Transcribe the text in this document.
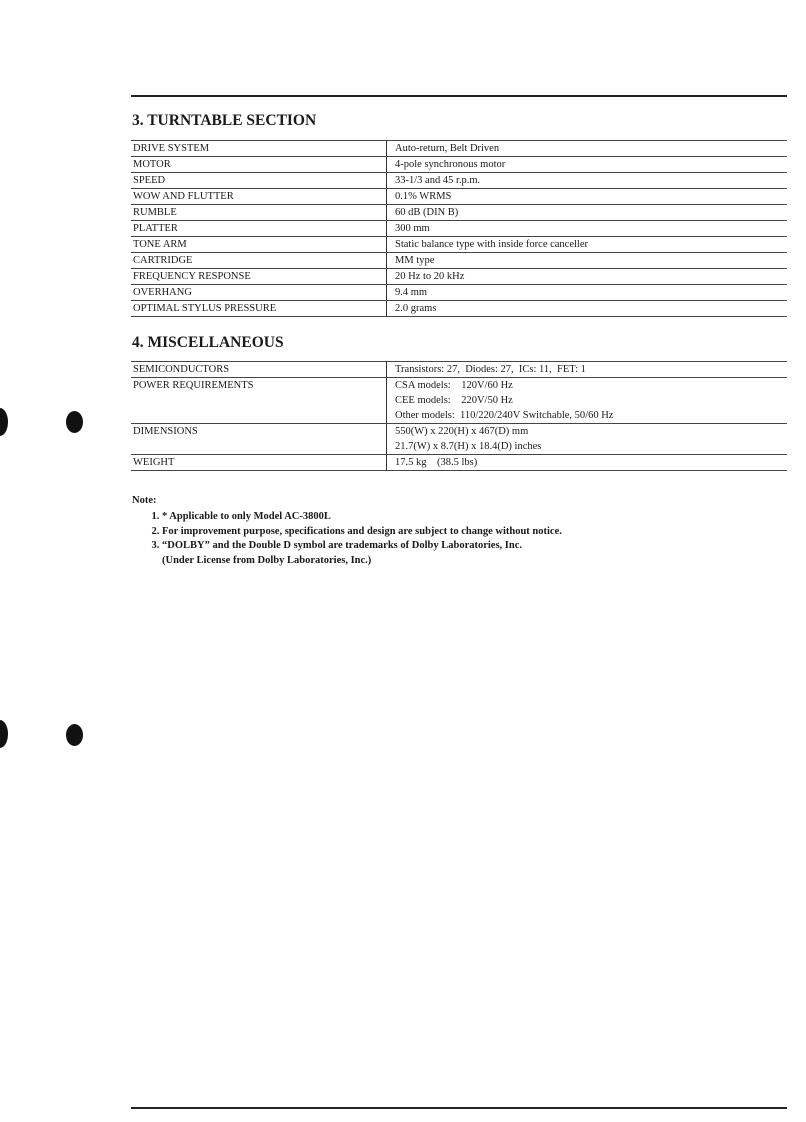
3. TURNTABLE SECTION
DRIVE SYSTEM	Auto-return, Belt Driven

MOTOR	4-pole synchronous motor

SPEED	33-1/3 and 45 r.p.m.

WOW AND FLUTTER	0.1% WRMS

RUMBLE	60 dB (DIN B)

PLATTER	300 mm

TONE ARM	Static balance type with inside force canceller

CARTRIDGE	MM type

FREQUENCY RESPONSE	20 Hz to 20 kHz

OVERHANG	9.4 mm

OPTIMAL STYLUS PRESSURE	2.0 grams
4. MISCELLANEOUS
SEMICONDUCTORS	Transistors: 27,  Diodes: 27,  ICs: 11,  FET: 1

POWER REQUIREMENTS	CSA models:    120V/60 Hz
CEE models:    220V/50 Hz
Other models:  110/220/240V Switchable, 50/60 Hz

DIMENSIONS	550(W) x 220(H) x 467(D) mm
21.7(W) x 8.7(H) x 18.4(D) inches

WEIGHT	17.5 kg    (38.5 lbs)
Note:
1. * Applicable to only Model AC-3800L
2. For improvement purpose, specifications and design are subject to change without notice.
3. “DOLBY” and the Double D symbol are trademarks of Dolby Laboratories, Inc.
(Under License from Dolby Laboratories, Inc.)
